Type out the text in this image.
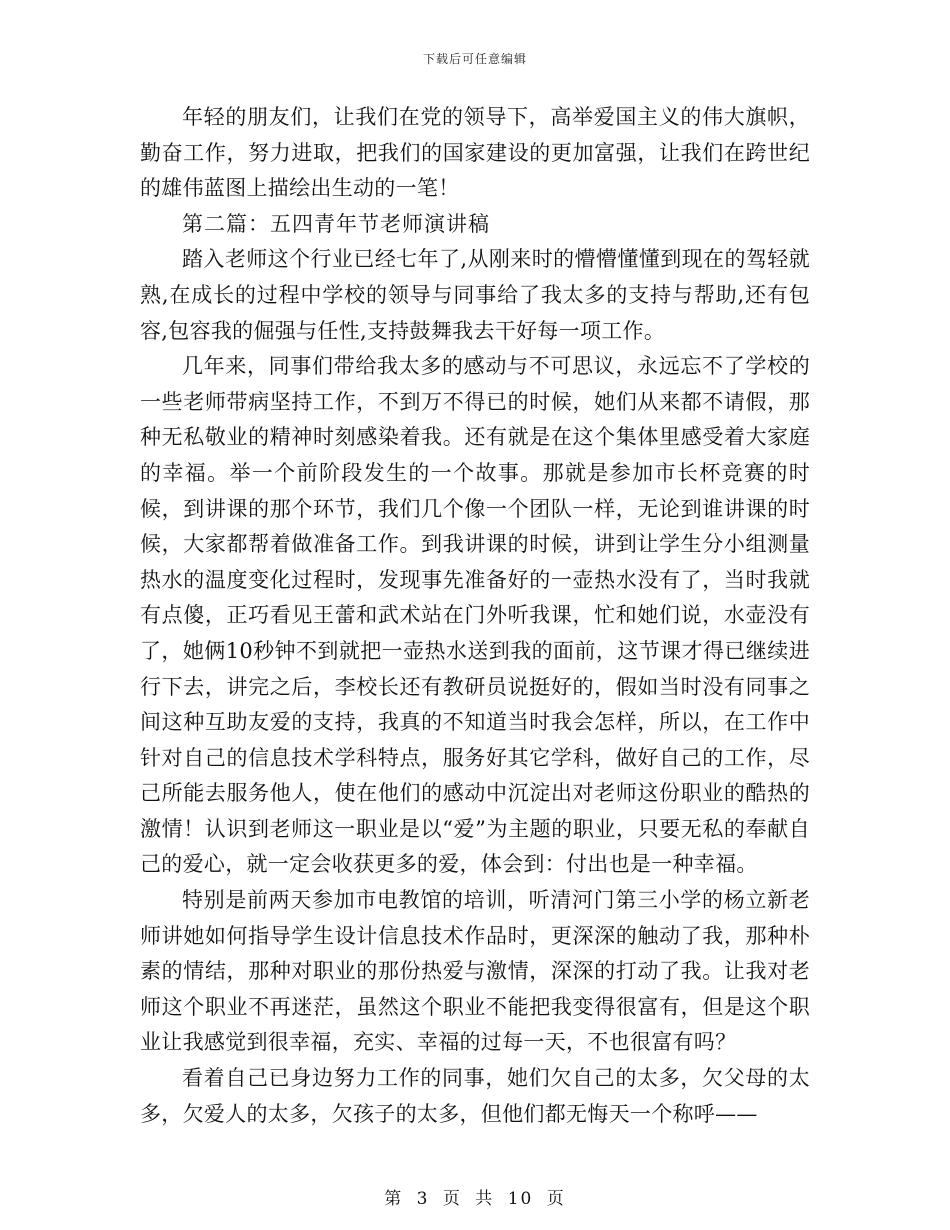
下载后可任意编辑

年轻的朋友们，让我们在党的领导下，高举爱国主义的伟大旗帜，勤奋工作，努力进取，把我们的国家建设的更加富强，让我们在跨世纪的雄伟蓝图上描绘出生动的一笔！

第二篇：五四青年节老师演讲稿

踏入老师这个行业已经七年了,从刚来时的懵懵懂懂到现在的驾轻就熟,在成长的过程中学校的领导与同事给了我太多的支持与帮助,还有包容,包容我的倔强与任性,支持鼓舞我去干好每一项工作。

几年来，同事们带给我太多的感动与不可思议，永远忘不了学校的一些老师带病坚持工作，不到万不得已的时候，她们从来都不请假，那种无私敬业的精神时刻感染着我。还有就是在这个集体里感受着大家庭的幸福。举一个前阶段发生的一个故事。那就是参加市长杯竞赛的时候，到讲课的那个环节，我们几个像一个团队一样，无论到谁讲课的时候，大家都帮着做准备工作。到我讲课的时候，讲到让学生分小组测量热水的温度变化过程时，发现事先准备好的一壶热水没有了，当时我就有点傻，正巧看见王蕾和武术站在门外听我课，忙和她们说，水壶没有了，她俩10秒钟不到就把一壶热水送到我的面前，这节课才得已继续进行下去，讲完之后，李校长还有教研员说挺好的，假如当时没有同事之间这种互助友爱的支持，我真的不知道当时我会怎样，所以，在工作中针对自己的信息技术学科特点，服务好其它学科，做好自己的工作，尽己所能去服务他人，使在他们的感动中沉淀出对老师这份职业的酷热的激情！认识到老师这一职业是以“爱”为主题的职业，只要无私的奉献自己的爱心，就一定会收获更多的爱，体会到：付出也是一种幸福。

特别是前两天参加市电教馆的培训，听清河门第三小学的杨立新老师讲她如何指导学生设计信息技术作品时，更深深的触动了我，那种朴素的情结，那种对职业的那份热爱与激情，深深的打动了我。让我对老师这个职业不再迷茫，虽然这个职业不能把我变得很富有，但是这个职业让我感觉到很幸福，充实、幸福的过每一天，不也很富有吗？

看着自己已身边努力工作的同事，她们欠自己的太多，欠父母的太多，欠爱人的太多，欠孩子的太多，但他们都无悔天一个称呼——

第 3 页 共 10 页
